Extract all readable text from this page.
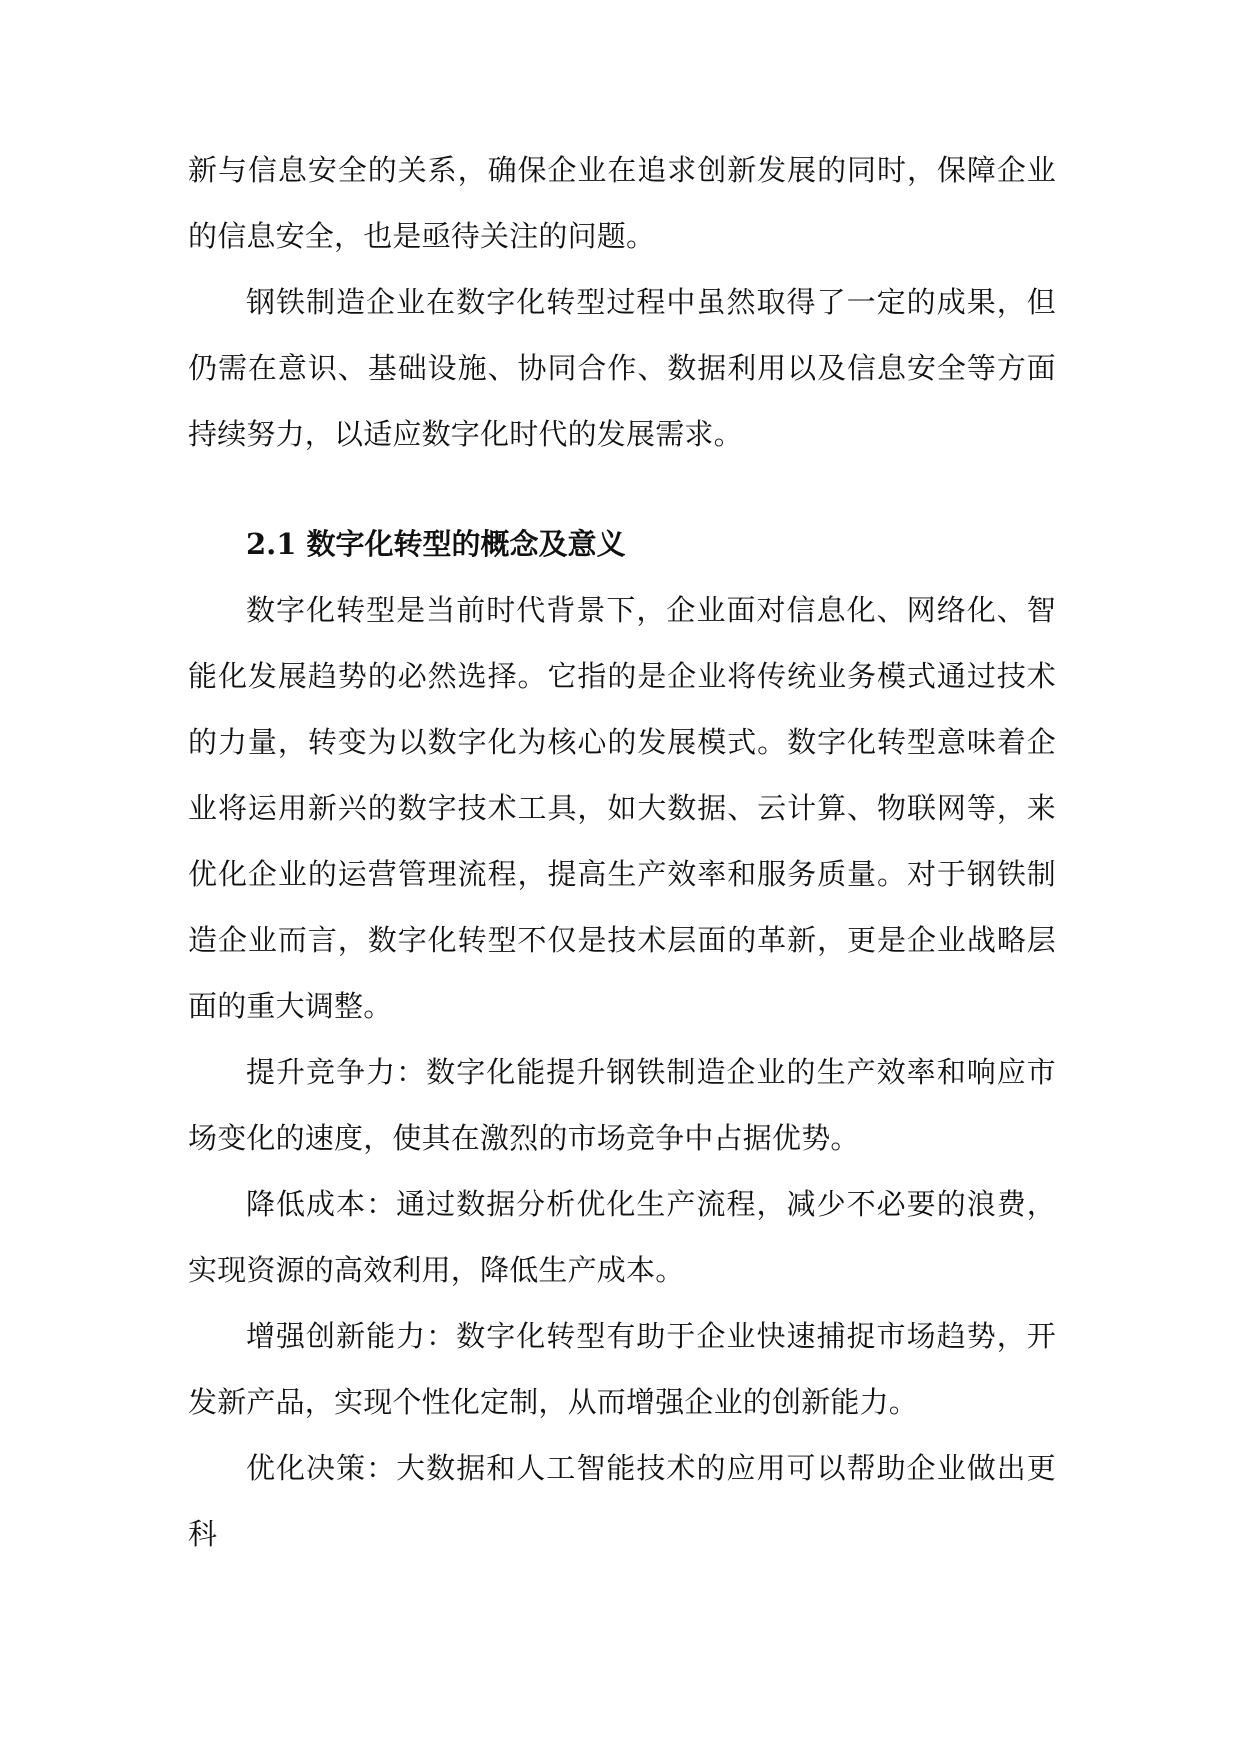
新与信息安全的关系，确保企业在追求创新发展的同时，保障企业的信息安全，也是亟待关注的问题。

钢铁制造企业在数字化转型过程中虽然取得了一定的成果，但仍需在意识、基础设施、协同合作、数据利用以及信息安全等方面持续努力，以适应数字化时代的发展需求。

2.1 数字化转型的概念及意义

数字化转型是当前时代背景下，企业面对信息化、网络化、智能化发展趋势的必然选择。它指的是企业将传统业务模式通过技术的力量，转变为以数字化为核心的发展模式。数字化转型意味着企业将运用新兴的数字技术工具，如大数据、云计算、物联网等，来优化企业的运营管理流程，提高生产效率和服务质量。对于钢铁制造企业而言，数字化转型不仅是技术层面的革新，更是企业战略层面的重大调整。

提升竞争力：数字化能提升钢铁制造企业的生产效率和响应市场变化的速度，使其在激烈的市场竞争中占据优势。

降低成本：通过数据分析优化生产流程，减少不必要的浪费，实现资源的高效利用，降低生产成本。

增强创新能力：数字化转型有助于企业快速捕捉市场趋势，开发新产品，实现个性化定制，从而增强企业的创新能力。

优化决策：大数据和人工智能技术的应用可以帮助企业做出更科
